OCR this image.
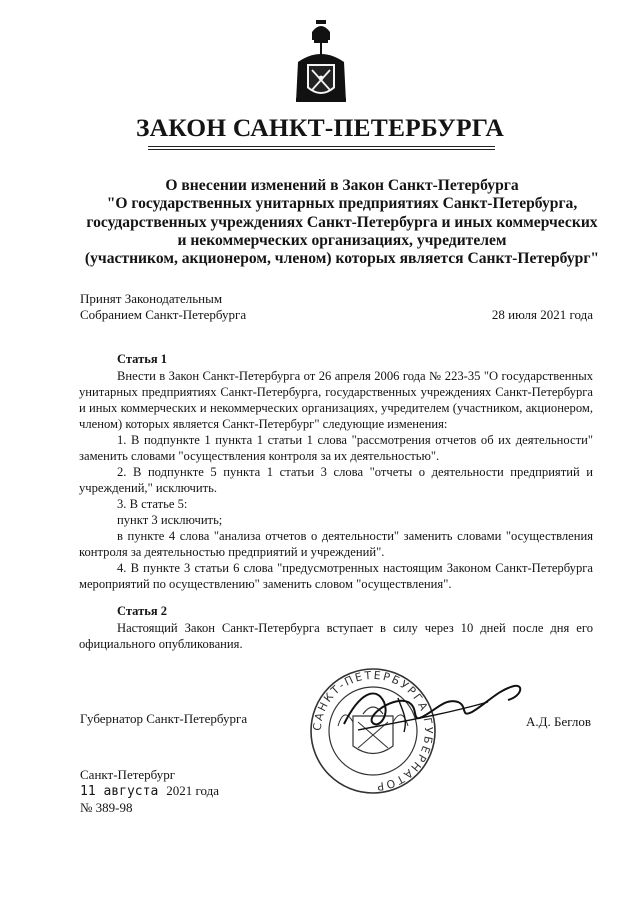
ЗАКОН САНКТ-ПЕТЕРБУРГА
О внесении изменений в Закон Санкт-Петербурга
"О государственных унитарных предприятиях Санкт-Петербурга,
государственных учреждениях Санкт-Петербурга и иных коммерческих
и некоммерческих организациях, учредителем
(участником, акционером, членом) которых является Санкт-Петербург"
Принят Законодательным
Собранием Санкт-Петербурга	28 июля 2021 года
Статья 1

Внести в Закон Санкт-Петербурга от 26 апреля 2006 года № 223-35 "О государственных унитарных предприятиях Санкт-Петербурга, государственных учреждениях Санкт-Петербурга и иных коммерческих и некоммерческих организациях, учредителем (участником, акционером, членом) которых является Санкт-Петербург" следующие изменения:

1. В подпункте 1 пункта 1 статьи 1 слова "рассмотрения отчетов об их деятельности" заменить словами "осуществления контроля за их деятельностью".

2. В подпункте 5 пункта 1 статьи 3 слова "отчеты о деятельности предприятий и учреждений," исключить.

3. В статье 5:

пункт 3 исключить;

в пункте 4 слова "анализа отчетов о деятельности" заменить словами "осуществления контроля за деятельностью предприятий и учреждений".

4. В пункте 3 статьи 6 слова "предусмотренных настоящим Законом Санкт-Петербурга мероприятий по осуществлению" заменить словом "осуществления".

Статья 2

Настоящий Закон Санкт-Петербурга вступает в силу через 10 дней после дня его официального опубликования.

САНКТ-ПЕТЕРБУРГА ГУБЕРНАТОР
Губернатор Санкт-Петербурга	А.Д. Беглов
Санкт-Петербург
11 августа 2021 года
№ 389-98
